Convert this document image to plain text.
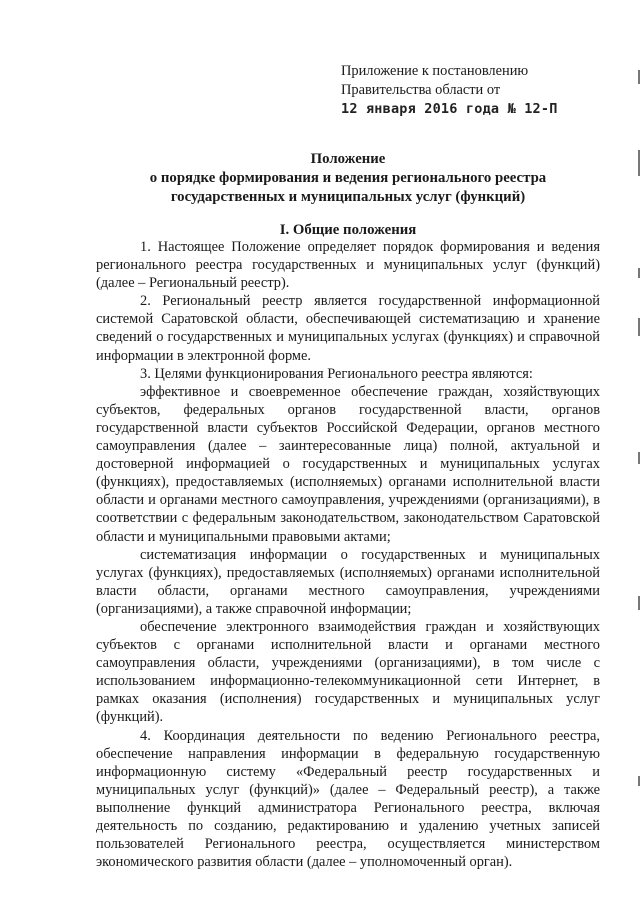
Приложение к постановлению
Правительства области от
12 января 2016 года № 12-П
Положение
о порядке формирования и ведения регионального реестра
государственных и муниципальных услуг (функций)
I. Общие положения

1. Настоящее Положение определяет порядок формирования и ведения регионального реестра государственных и муниципальных услуг (функций) (далее – Региональный реестр).

2. Региональный реестр является государственной информационной системой Саратовской области, обеспечивающей систематизацию и хранение сведений о государственных и муниципальных услугах (функциях) и справочной информации в электронной форме.

3. Целями функционирования Регионального реестра являются:

эффективное и своевременное обеспечение граждан, хозяйствующих субъектов, федеральных органов государственной власти, органов государственной власти субъектов Российской Федерации, органов местного самоуправления (далее – заинтересованные лица) полной, актуальной и достоверной информацией о государственных и муниципальных услугах (функциях), предоставляемых (исполняемых) органами исполнительной власти области и органами местного самоуправления, учреждениями (организациями), в соответствии с федеральным законодательством, законодательством Саратовской области и муниципальными правовыми актами;

систематизация информации о государственных и муниципальных услугах (функциях), предоставляемых (исполняемых) органами исполнительной власти области, органами местного самоуправления, учреждениями (организациями), а также справочной информации;

обеспечение электронного взаимодействия граждан и хозяйствующих субъектов с органами исполнительной власти и органами местного самоуправления области, учреждениями (организациями), в том числе с использованием информационно-телекоммуникационной сети Интернет, в рамках оказания (исполнения) государственных и муниципальных услуг (функций).

4. Координация деятельности по ведению Регионального реестра, обеспечение направления информации в федеральную государственную информационную систему «Федеральный реестр государственных и муниципальных услуг (функций)» (далее – Федеральный реестр), а также выполнение функций администратора Регионального реестра, включая деятельность по созданию, редактированию и удалению учетных записей пользователей Регионального реестра, осуществляется министерством экономического развития области (далее – уполномоченный орган).
